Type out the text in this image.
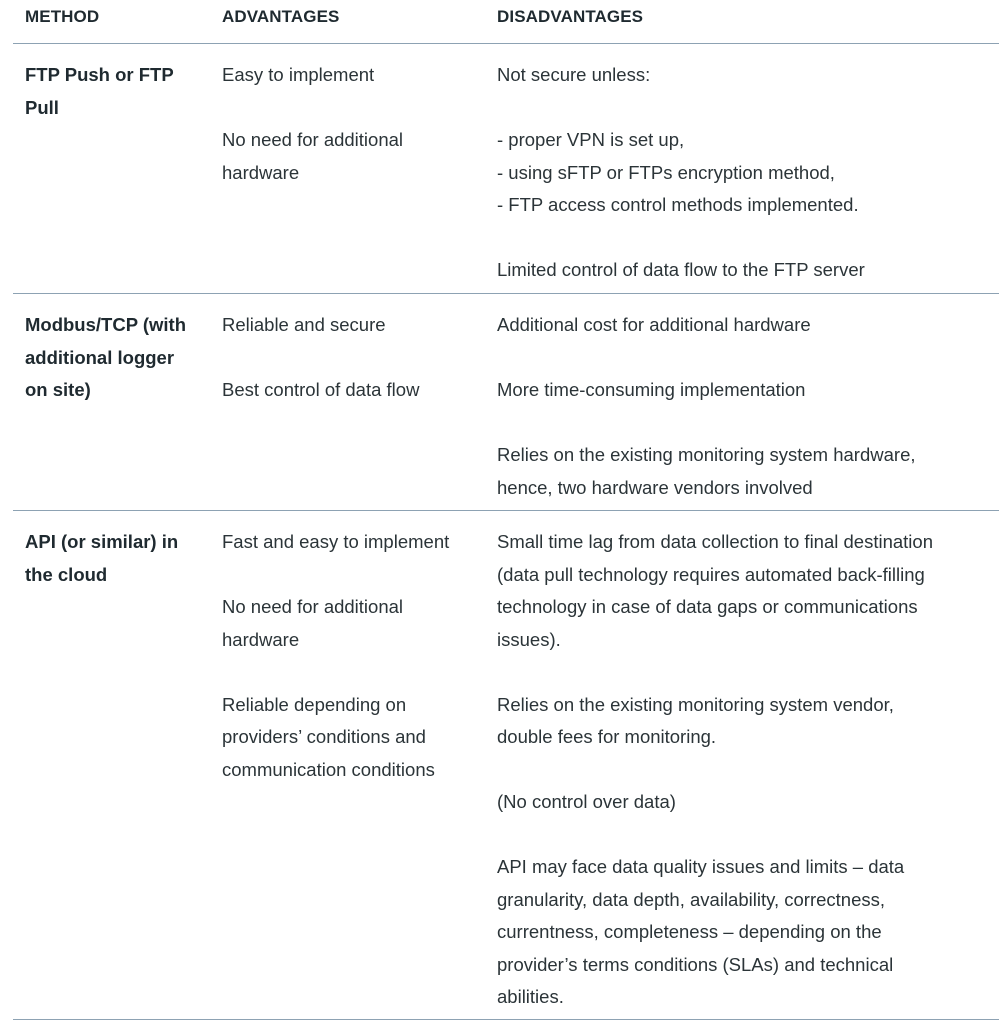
METHOD	ADVANTAGES	DISADVANTAGES
FTP Push or FTP
Pull
Easy to implement
No need for additional
hardware
Not secure unless:
- proper VPN is set up,
- using sFTP or FTPs encryption method,
- FTP access control methods implemented.
Limited control of data flow to the FTP server
Modbus/TCP (with
additional logger
on site)
Reliable and secure
Best control of data flow
Additional cost for additional hardware
More time-consuming implementation
Relies on the existing monitoring system hardware,
hence, two hardware vendors involved
API (or similar) in
the cloud
Fast and easy to implement
No need for additional
hardware
Reliable depending on
providers’ conditions and
communication conditions
Small time lag from data collection to final destination
(data pull technology requires automated back-filling
technology in case of data gaps or communications
issues).
Relies on the existing monitoring system vendor,
double fees for monitoring.
(No control over data)
API may face data quality issues and limits – data
granularity, data depth, availability, correctness,
currentness, completeness – depending on the
provider’s terms conditions (SLAs) and technical
abilities.
